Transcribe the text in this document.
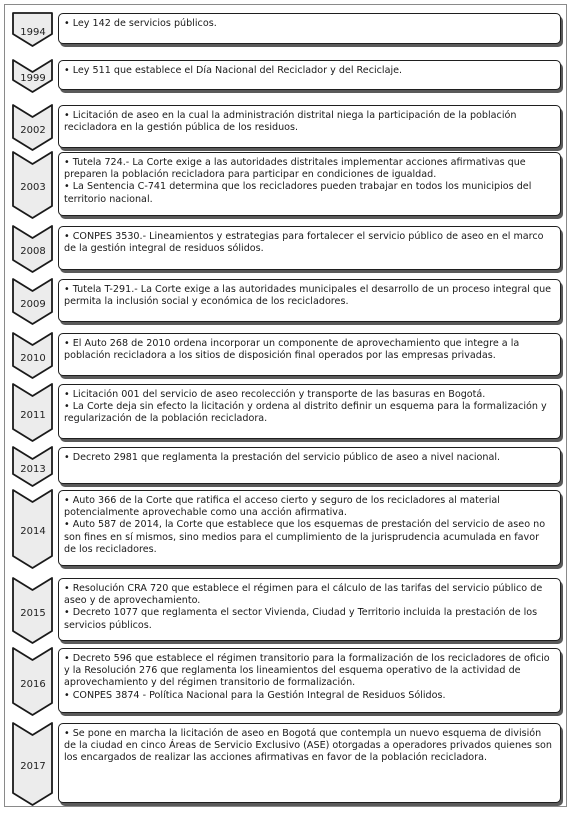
1994
• Ley 142 de servicios públicos.
1999
• Ley 511 que establece el Día Nacional del Reciclador y del Reciclaje.
2002
• Licitación de aseo en la cual la administración distrital niega la participación de la población recicladora en la gestión pública de los residuos.
2003
• Tutela 724.- La Corte exige a las autoridades distritales implementar acciones afirmativas que preparen la población recicladora para participar en condiciones de igualdad.
• La Sentencia C-741 determina que los recicladores pueden trabajar en todos los municipios del territorio nacional.
2008
• CONPES 3530.- Lineamientos y estrategias para fortalecer el servicio público de aseo en el marco de la gestión integral de residuos sólidos.
2009
• Tutela T-291.- La Corte exige a las autoridades municipales el desarrollo de un proceso integral que permita la inclusión social y económica de los recicladores.
2010
• El Auto 268 de 2010 ordena incorporar un componente de aprovechamiento que integre a la población recicladora a los sitios de disposición final operados por las empresas privadas.
2011
• Licitación 001 del servicio de aseo recolección y transporte de las basuras en Bogotá.
• La Corte deja sin efecto la licitación y ordena al distrito definir un esquema para la formalización y regularización de la población recicladora.
2013
• Decreto 2981 que reglamenta la prestación del servicio público de aseo a nivel nacional.
2014
• Auto 366 de la Corte que ratifica el acceso cierto y seguro de los recicladores al material potencialmente aprovechable como una acción afirmativa.
• Auto 587 de 2014, la Corte que establece que los esquemas de prestación del servicio de aseo no son fines en sí mismos, sino medios para el cumplimiento de la jurisprudencia acumulada en favor de los recicladores.
2015
• Resolución CRA 720 que establece el régimen para el cálculo de las tarifas del servicio público de aseo y de aprovechamiento.
• Decreto 1077 que reglamenta el sector Vivienda, Ciudad y Territorio incluida la prestación de los servicios públicos.
2016
• Decreto 596 que establece el régimen transitorio para la formalización de los recicladores de oficio y la Resolución 276 que reglamenta los lineamientos del esquema operativo de la actividad de aprovechamiento y del régimen transitorio de formalización.
• CONPES 3874 - Política Nacional para la Gestión Integral de Residuos Sólidos.
2017
• Se pone en marcha la licitación de aseo en Bogotá que contempla un nuevo esquema de división de la ciudad en cinco Áreas de Servicio Exclusivo (ASE) otorgadas a operadores privados quienes son los encargados de realizar las acciones afirmativas en favor de la población recicladora.
